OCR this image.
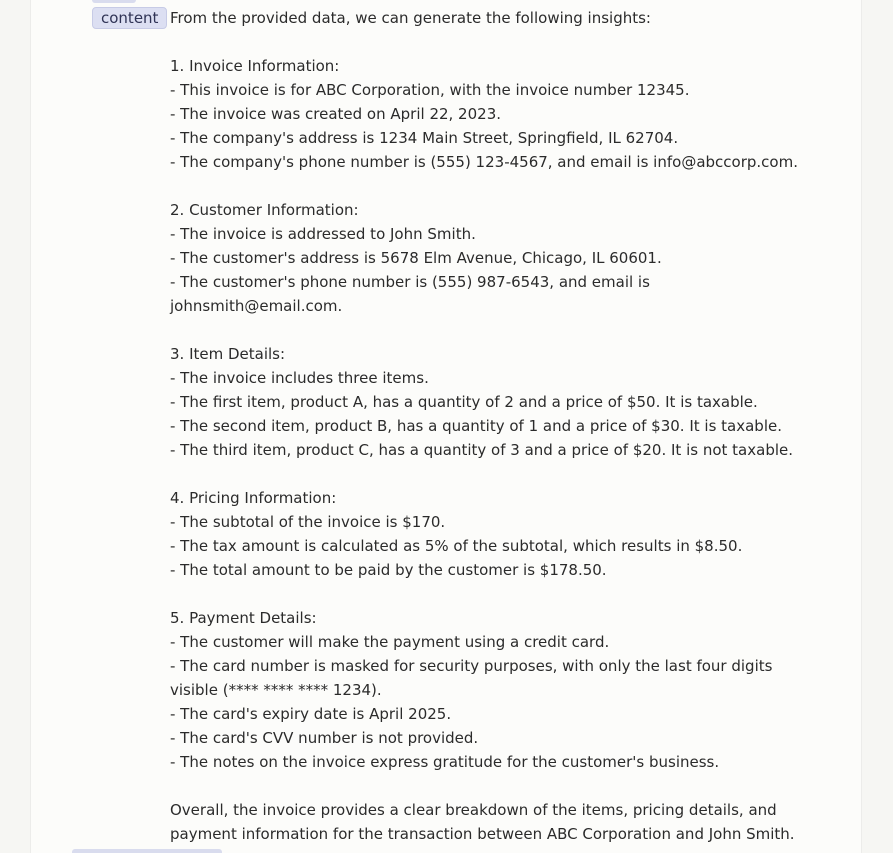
content From the provided data, we can generate the following insights:
1. Invoice Information:
- This invoice is for ABC Corporation, with the invoice number 12345.
- The invoice was created on April 22, 2023.
- The company's address is 1234 Main Street, Springfield, IL 62704.
- The company's phone number is (555) 123-4567, and email is info@abccorp.com.
2. Customer Information:
- The invoice is addressed to John Smith.
- The customer's address is 5678 Elm Avenue, Chicago, IL 60601.
- The customer's phone number is (555) 987-6543, and email is
johnsmith@email.com.
3. Item Details:
- The invoice includes three items.
- The first item, product A, has a quantity of 2 and a price of $50. It is taxable.
- The second item, product B, has a quantity of 1 and a price of $30. It is taxable.
- The third item, product C, has a quantity of 3 and a price of $20. It is not taxable.
4. Pricing Information:
- The subtotal of the invoice is $170.
- The tax amount is calculated as 5% of the subtotal, which results in $8.50.
- The total amount to be paid by the customer is $178.50.
5. Payment Details:
- The customer will make the payment using a credit card.
- The card number is masked for security purposes, with only the last four digits
visible (**** **** **** 1234).
- The card's expiry date is April 2025.
- The card's CVV number is not provided.
- The notes on the invoice express gratitude for the customer's business.
Overall, the invoice provides a clear breakdown of the items, pricing details, and
payment information for the transaction between ABC Corporation and John Smith.
